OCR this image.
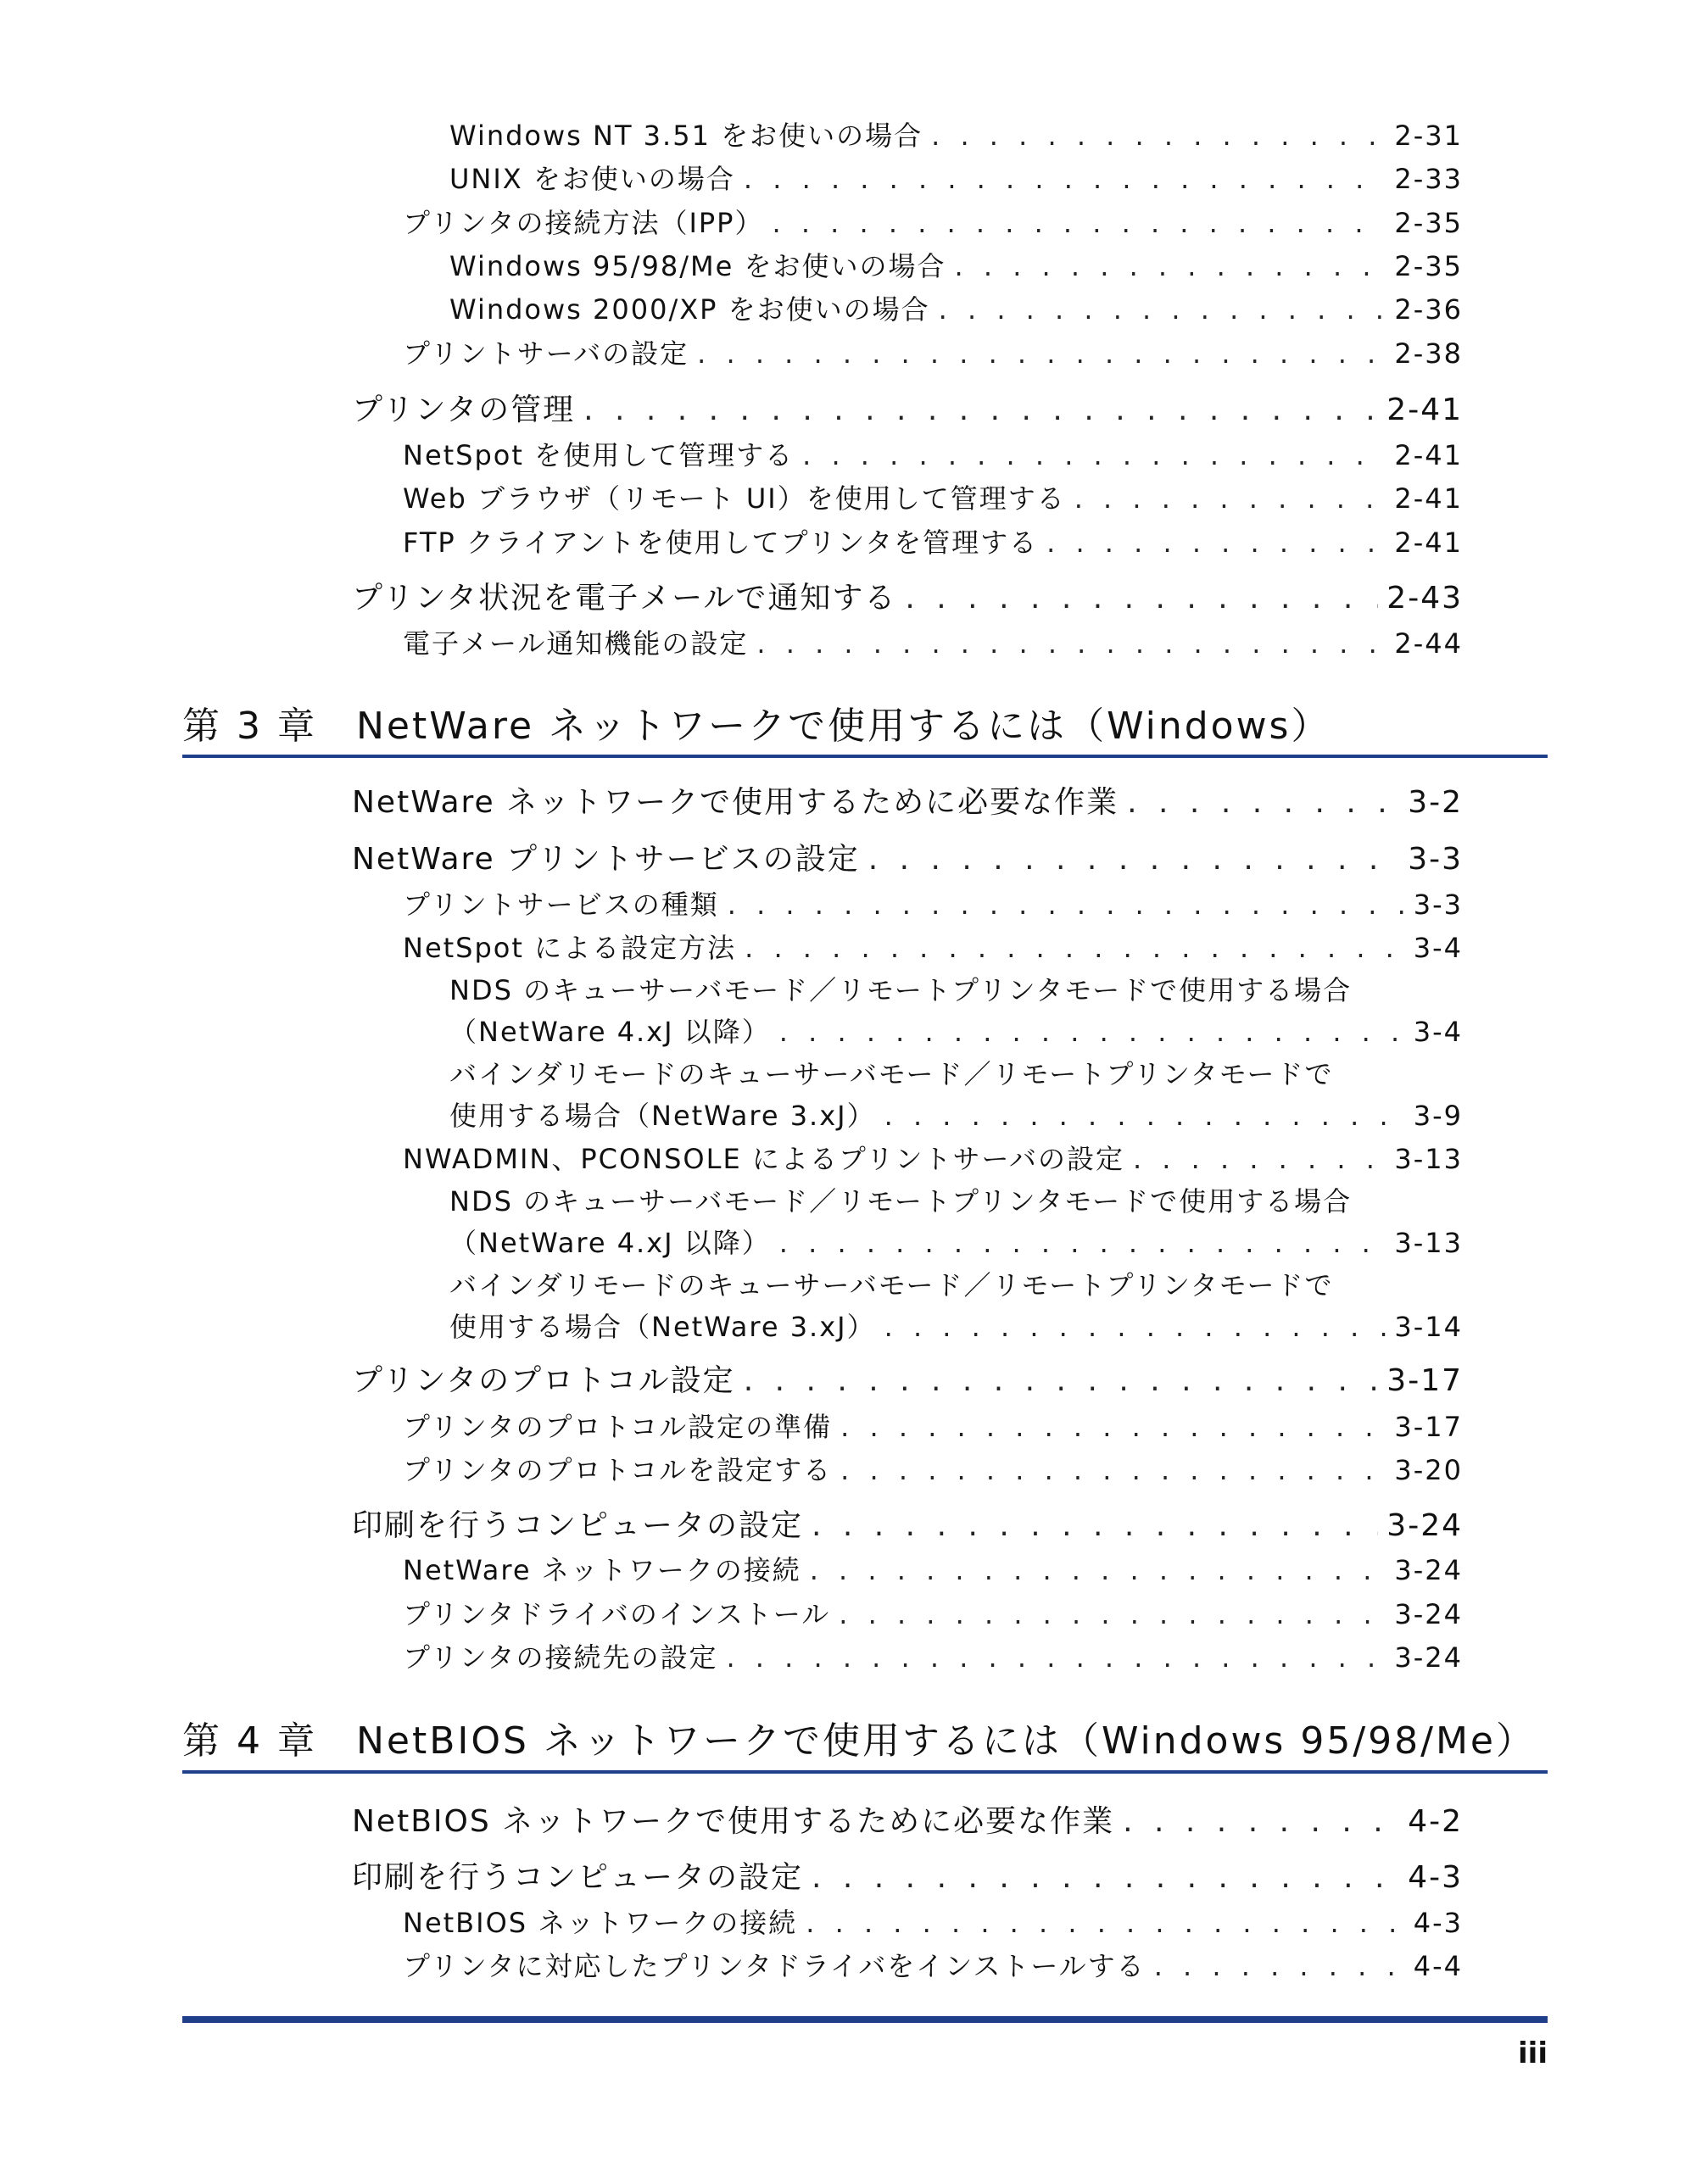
Windows NT 3.51 をお使いの場合 . . .	2-31
UNIX をお使いの場合 . . .	2-33
プリンタの接続方法（IPP） . . .	2-35
Windows 95/98/Me をお使いの場合 . . .	2-35
Windows 2000/XP をお使いの場合 . . .	2-36
プリントサーバの設定 . . .	2-38
プリンタの管理 . . .	2-41
NetSpot を使用して管理する . . .	2-41
Web ブラウザ（リモート UI）を使用して管理する . . .	2-41
FTP クライアントを使用してプリンタを管理する . . .	2-41
プリンタ状況を電子メールで通知する . . .	2-43
電子メール通知機能の設定 . . .	2-44
第 3 章 NetWare ネットワークで使用するには（Windows）
NetWare ネットワークで使用するために必要な作業 . . .	3-2
NetWare プリントサービスの設定 . . .	3-3
プリントサービスの種類 . . .	3-3
NetSpot による設定方法 . . .	3-4
NDS のキューサーバモード／リモートプリンタモードで使用する場合
（NetWare 4.xJ 以降） . . .	3-4
バインダリモードのキューサーバモード／リモートプリンタモードで
使用する場合（NetWare 3.xJ） . . .	3-9
NWADMIN、PCONSOLE によるプリントサーバの設定 . . .	3-13
NDS のキューサーバモード／リモートプリンタモードで使用する場合
（NetWare 4.xJ 以降） . . .	3-13
バインダリモードのキューサーバモード／リモートプリンタモードで
使用する場合（NetWare 3.xJ） . . .	3-14
プリンタのプロトコル設定 . . .	3-17
プリンタのプロトコル設定の準備 . . .	3-17
プリンタのプロトコルを設定する . . .	3-20
印刷を行うコンピュータの設定 . . .	3-24
NetWare ネットワークの接続 . . .	3-24
プリンタドライバのインストール . . .	3-24
プリンタの接続先の設定 . . .	3-24
第 4 章 NetBIOS ネットワークで使用するには（Windows 95/98/Me）
NetBIOS ネットワークで使用するために必要な作業 . . .	4-2
印刷を行うコンピュータの設定 . . .	4-3
NetBIOS ネットワークの接続 . . .	4-3
プリンタに対応したプリンタドライバをインストールする . . .	4-4
iii
